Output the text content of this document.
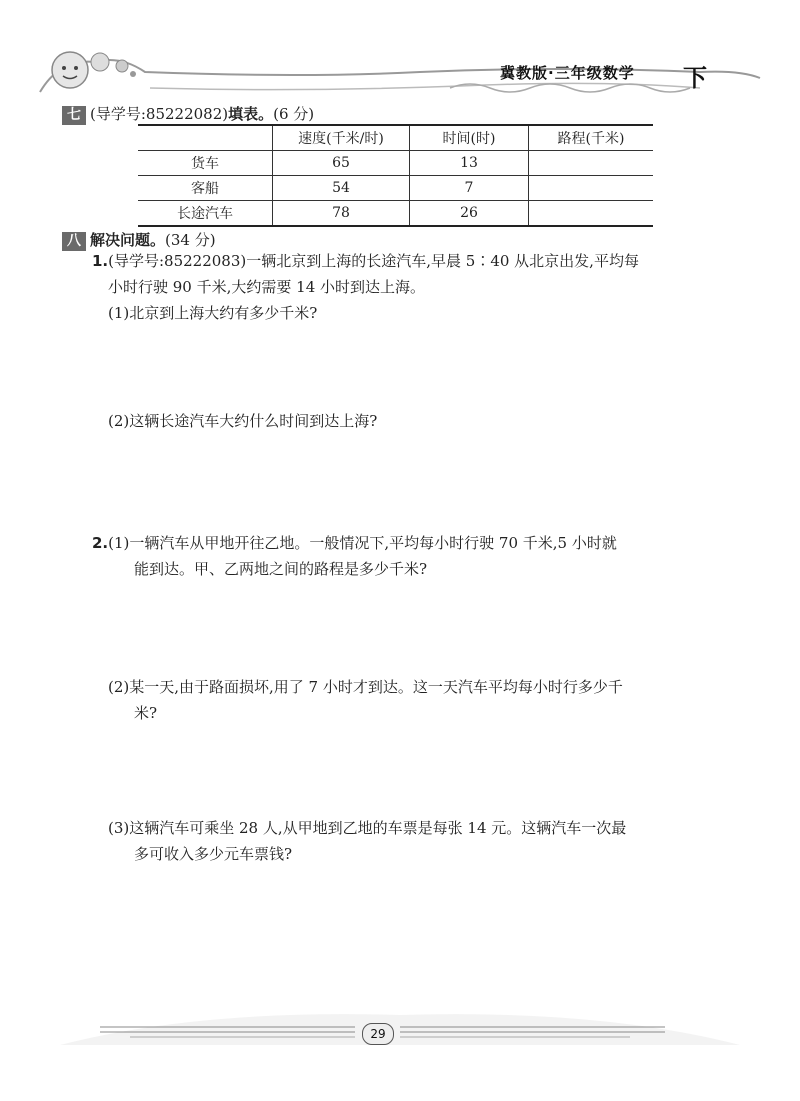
冀教版·三年级数学 下
七 (导学号:85222082)填表。(6 分)
	速度(千米/时)	时间(时)	路程(千米)
货车	65	13	
客船	54	7	
长途汽车	78	26	
八 解决问题。(34 分)
1.(导学号:85222083)一辆北京到上海的长途汽车,早晨 5∶40 从北京出发,平均每
小时行驶 90 千米,大约需要 14 小时到达上海。
(1)北京到上海大约有多少千米?
(2)这辆长途汽车大约什么时间到达上海?
2.(1)一辆汽车从甲地开往乙地。一般情况下,平均每小时行驶 70 千米,5 小时就
能到达。甲、乙两地之间的路程是多少千米?
(2)某一天,由于路面损坏,用了 7 小时才到达。这一天汽车平均每小时行多少千
米?
(3)这辆汽车可乘坐 28 人,从甲地到乙地的车票是每张 14 元。这辆汽车一次最
多可收入多少元车票钱?
29
